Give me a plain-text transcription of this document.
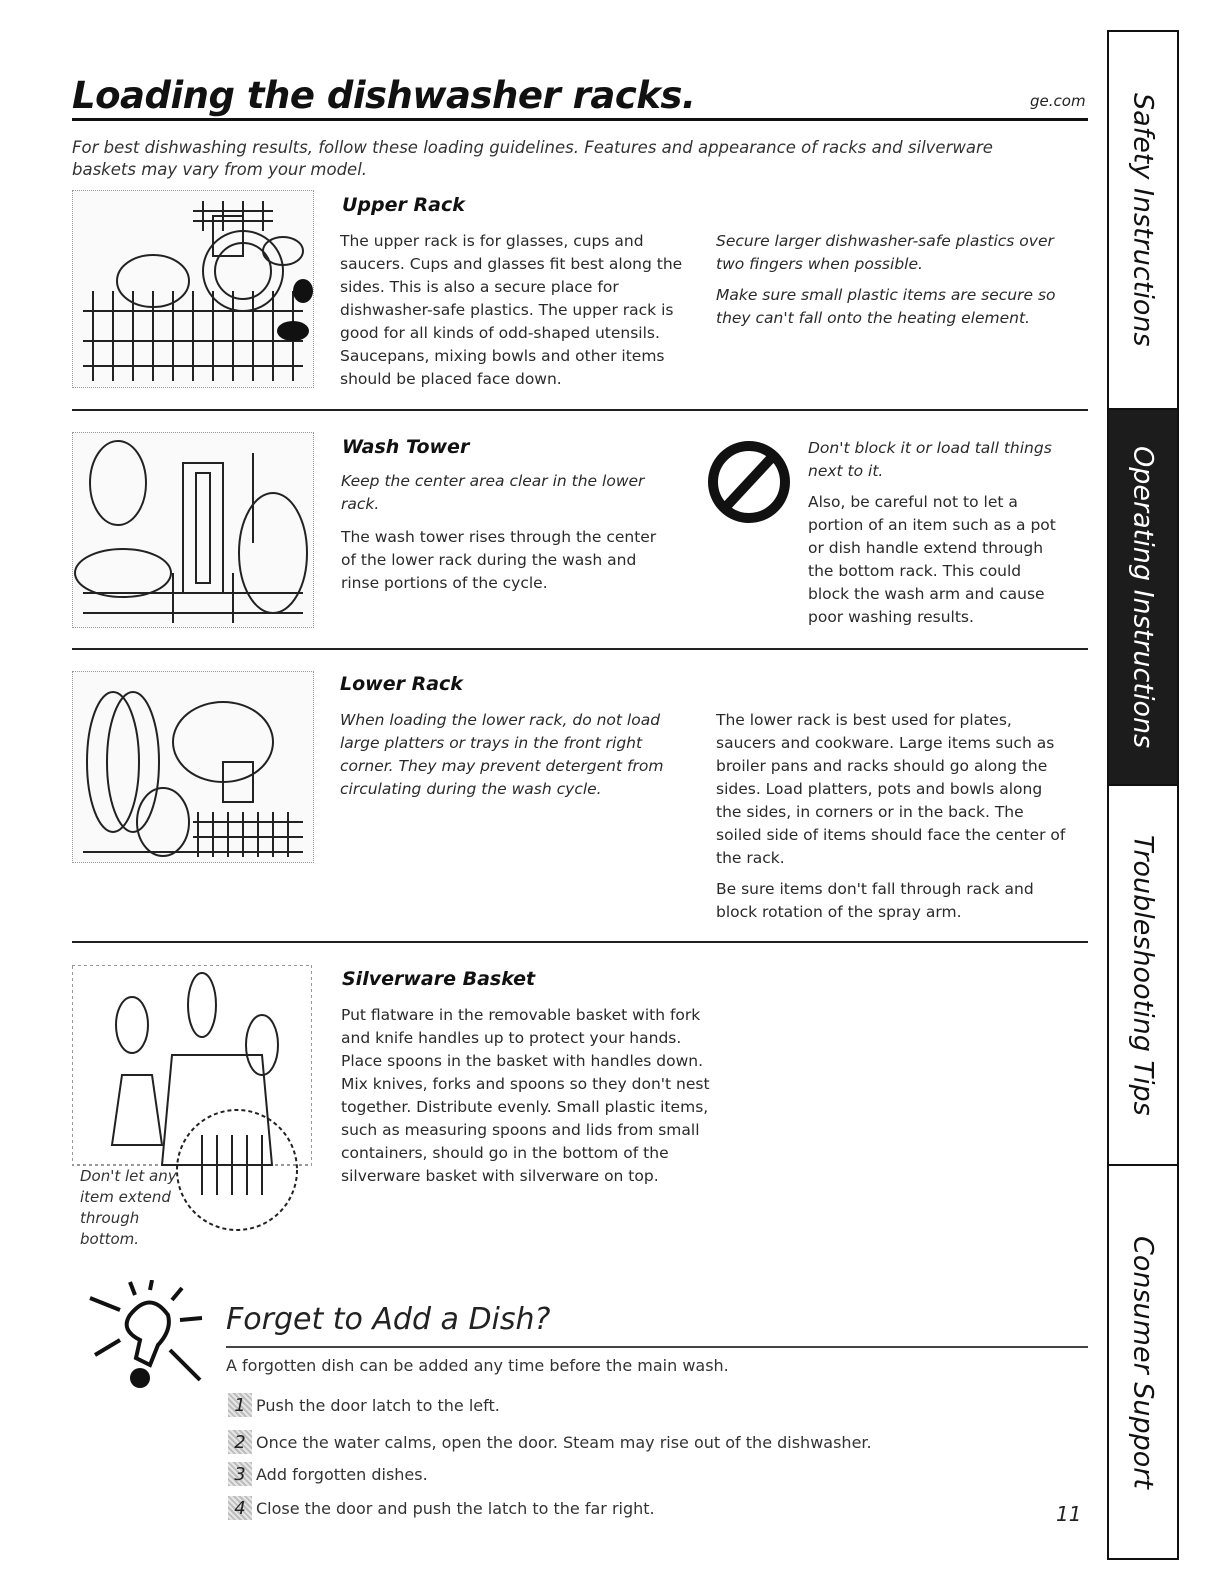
Loading the dishwasher racks.	ge.com
For best dishwashing results, follow these loading guidelines. Features and appearance of racks and silverware baskets may vary from your model.
Upper Rack
The upper rack is for glasses, cups and saucers. Cups and glasses fit best along the sides. This is also a secure place for dishwasher-safe plastics. The upper rack is good for all kinds of odd-shaped utensils. Saucepans, mixing bowls and other items should be placed face down.

Secure larger dishwasher-safe plastics over two fingers when possible.

Make sure small plastic items are secure so they can't fall onto the heating element.

Wash Tower
Keep the center area clear in the lower rack.
The wash tower rises through the center of the lower rack during the wash and rinse portions of the cycle.
Don't block it or load tall things next to it.
Also, be careful not to let a portion of an item such as a pot or dish handle extend through the bottom rack. This could block the wash arm and cause poor washing results.
Lower Rack
When loading the lower rack, do not load large platters or trays in the front right corner. They may prevent detergent from circulating during the wash cycle.

The lower rack is best used for plates, saucers and cookware. Large items such as broiler pans and racks should go along the sides. Load platters, pots and bowls along the sides, in corners or in the back. The soiled side of items should face the center of the rack.

Be sure items don't fall through rack and block rotation of the spray arm.

Don't let any item extend through bottom.
Silverware Basket
Put flatware in the removable basket with fork and knife handles up to protect your hands. Place spoons in the basket with handles down. Mix knives, forks and spoons so they don't nest together. Distribute evenly. Small plastic items, such as measuring spoons and lids from small containers, should go in the bottom of the silverware basket with silverware on top.
Forget to Add a Dish?
A forgotten dish can be added any time before the main wash.
1 Push the door latch to the left.
2 Once the water calms, open the door. Steam may rise out of the dishwasher.
3 Add forgotten dishes.
4 Close the door and push the latch to the far right.	11
Safety Instructions
Operating Instructions
Troubleshooting Tips
Consumer Support
